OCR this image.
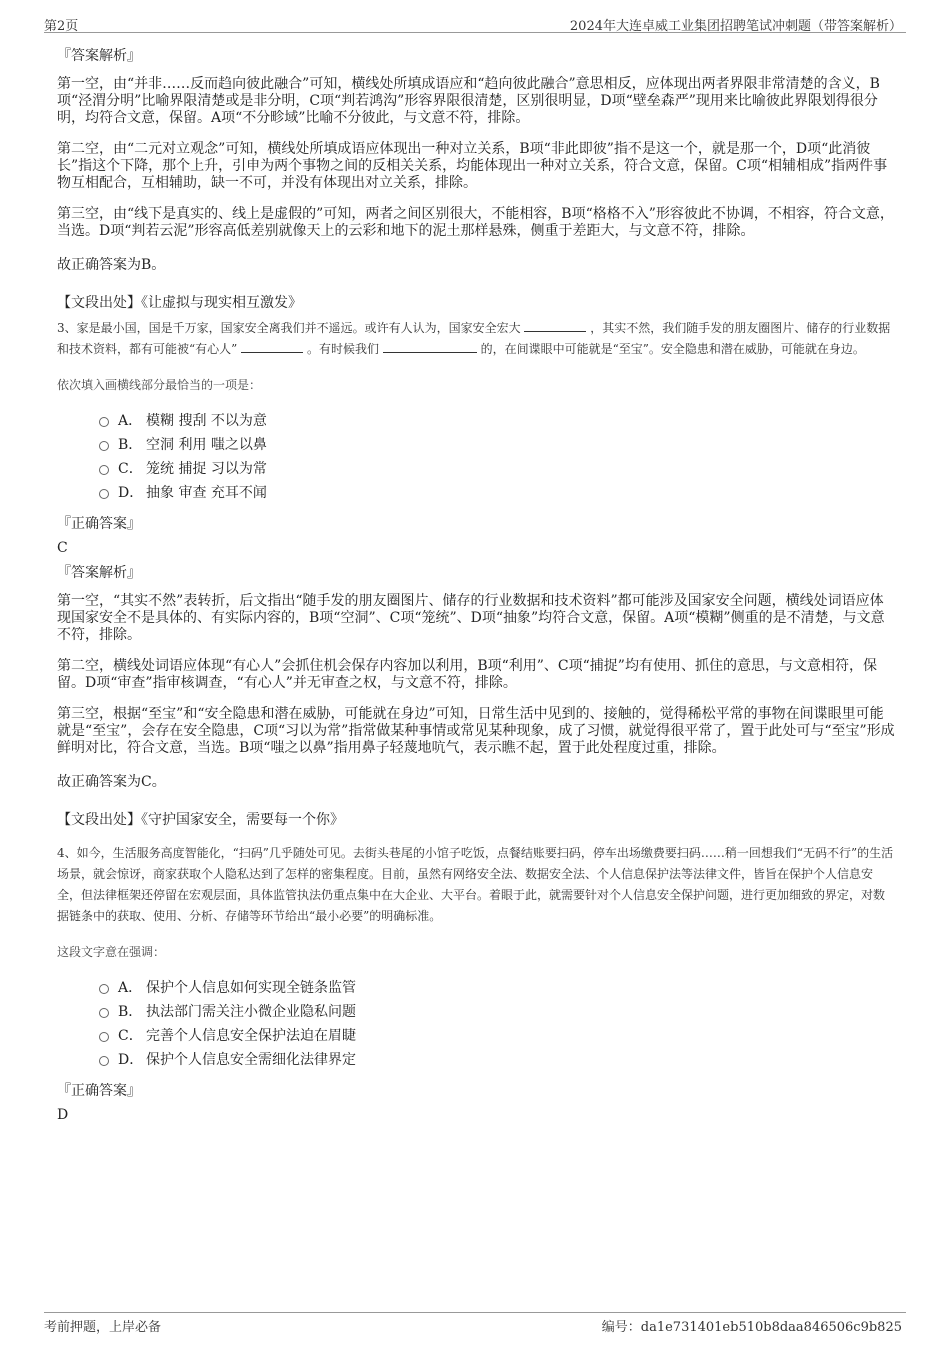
第2页	2024年大连卓威工业集团招聘笔试冲刺题（带答案解析）
『答案解析』

第一空，由“并非……反而趋向彼此融合”可知，横线处所填成语应和“趋向彼此融合”意思相反，应体现出两者界限非常清楚的含义，B项“泾渭分明”比喻界限清楚或是非分明，C项“判若鸿沟”形容界限很清楚，区别很明显，D项“壁垒森严”现用来比喻彼此界限划得很分明，均符合文意，保留。A项“不分畛域”比喻不分彼此，与文意不符，排除。

第二空，由“二元对立观念”可知，横线处所填成语应体现出一种对立关系，B项“非此即彼”指不是这一个，就是那一个，D项“此消彼长”指这个下降，那个上升，引申为两个事物之间的反相关关系，均能体现出一种对立关系，符合文意，保留。C项“相辅相成”指两件事物互相配合，互相辅助，缺一不可，并没有体现出对立关系，排除。

第三空，由“线下是真实的、线上是虚假的”可知，两者之间区别很大，不能相容，B项“格格不入”形容彼此不协调，不相容，符合文意，当选。D项“判若云泥”形容高低差别就像天上的云彩和地下的泥土那样悬殊，侧重于差距大，与文意不符，排除。

故正确答案为B。

【文段出处】《让虚拟与现实相互激发》

3、家是最小国，国是千万家，国家安全离我们并不遥远。或许有人认为，国家安全宏大	，其实不然，我们随手发的朋友圈图片、储存的行业数据和技术资料，都有可能被“有心人”	。有时候我们	的，在间谍眼中可能就是“至宝”。安全隐患和潜在威胁，可能就在身边。

依次填入画横线部分最恰当的一项是：

A． 模糊 搜刮 不以为意
B． 空洞 利用 嗤之以鼻
C． 笼统 捕捉 习以为常
D． 抽象 审查 充耳不闻
『正确答案』
C
『答案解析』

第一空，“其实不然”表转折，后文指出“随手发的朋友圈图片、储存的行业数据和技术资料”都可能涉及国家安全问题，横线处词语应体现国家安全不是具体的、有实际内容的，B项“空洞”、C项“笼统”、D项“抽象”均符合文意，保留。A项“模糊”侧重的是不清楚，与文意不符，排除。

第二空，横线处词语应体现“有心人”会抓住机会保存内容加以利用，B项“利用”、C项“捕捉”均有使用、抓住的意思，与文意相符，保留。D项“审查”指审核调查，“有心人”并无审查之权，与文意不符，排除。

第三空，根据“至宝”和“安全隐患和潜在威胁，可能就在身边”可知，日常生活中见到的、接触的，觉得稀松平常的事物在间谍眼里可能就是“至宝”，会存在安全隐患，C项“习以为常”指常做某种事情或常见某种现象，成了习惯，就觉得很平常了，置于此处可与“至宝”形成鲜明对比，符合文意，当选。B项“嗤之以鼻”指用鼻子轻蔑地吭气，表示瞧不起，置于此处程度过重，排除。

故正确答案为C。

【文段出处】《守护国家安全，需要每一个你》

4、如今，生活服务高度智能化，“扫码”几乎随处可见。去街头巷尾的小馆子吃饭，点餐结账要扫码，停车出场缴费要扫码……稍一回想我们“无码不行”的生活场景，就会惊讶，商家获取个人隐私达到了怎样的密集程度。目前，虽然有网络安全法、数据安全法、个人信息保护法等法律文件，皆旨在保护个人信息安全，但法律框架还停留在宏观层面，具体监管执法仍重点集中在大企业、大平台。着眼于此，就需要针对个人信息安全保护问题，进行更加细致的界定，对数据链条中的获取、使用、分析、存储等环节给出“最小必要”的明确标准。

这段文字意在强调：

A． 保护个人信息如何实现全链条监管
B． 执法部门需关注小微企业隐私问题
C． 完善个人信息安全保护法迫在眉睫
D． 保护个人信息安全需细化法律界定
『正确答案』
D
考前押题，上岸必备	编号：da1e731401eb510b8daa846506c9b825
